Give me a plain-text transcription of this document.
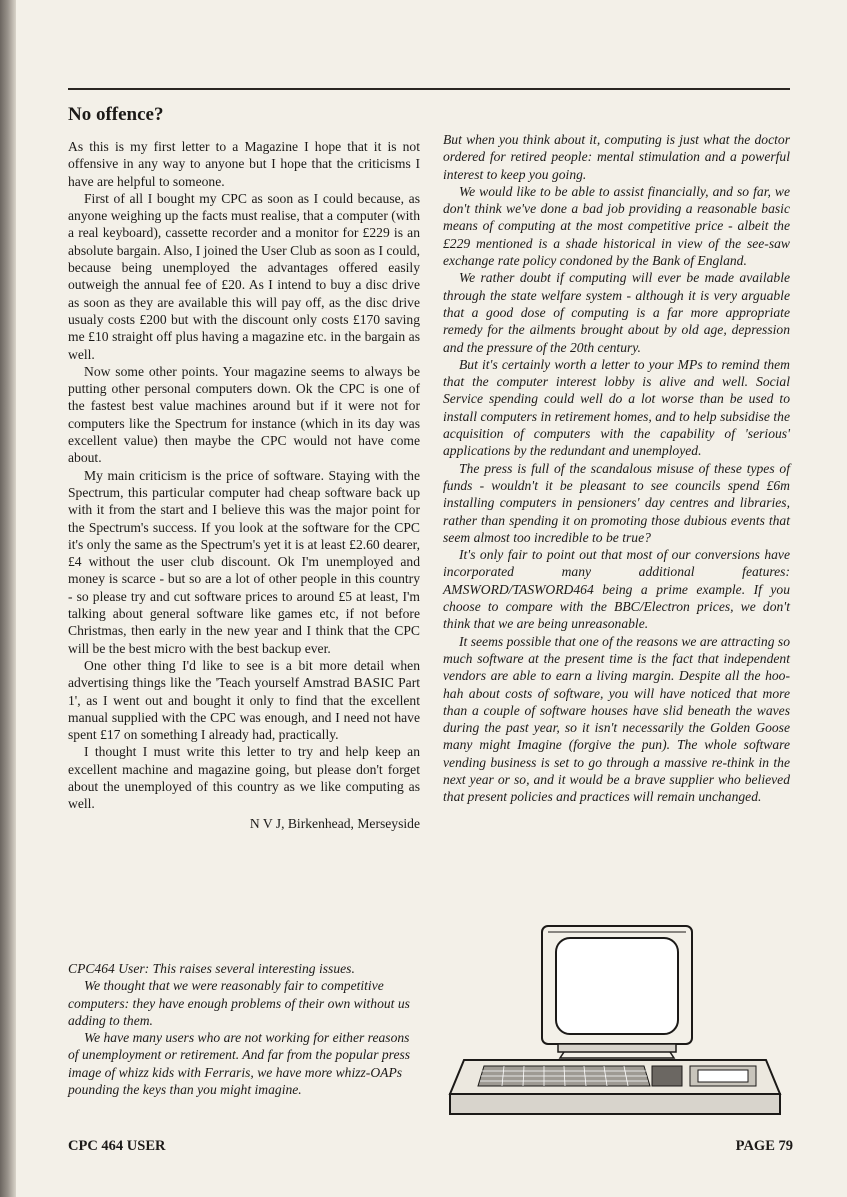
No offence?

As this is my first letter to a Magazine I hope that it is not offensive in any way to anyone but I hope that the criticisms I have are helpful to someone.

First of all I bought my CPC as soon as I could because, as anyone weighing up the facts must realise, that a computer (with a real keyboard), cassette recorder and a monitor for £229 is an absolute bargain. Also, I joined the User Club as soon as I could, because being unemployed the advantages offered easily outweigh the annual fee of £20. As I intend to buy a disc drive as soon as they are available this will pay off, as the disc drive usualy costs £200 but with the discount only costs £170 saving me £10 straight off plus having a magazine etc. in the bargain as well.

Now some other points. Your magazine seems to always be putting other personal computers down. Ok the CPC is one of the fastest best value machines around but if it were not for computers like the Spectrum for instance (which in its day was excellent value) then maybe the CPC would not have come about.

My main criticism is the price of software. Staying with the Spectrum, this particular computer had cheap software back up with it from the start and I believe this was the major point for the Spectrum's success. If you look at the software for the CPC it's only the same as the Spectrum's yet it is at least £2.60 dearer, £4 without the user club discount. Ok I'm unemployed and money is scarce - but so are a lot of other people in this country - so please try and cut software prices to around £5 at least, I'm talking about general software like games etc, if not before Christmas, then early in the new year and I think that the CPC will be the best micro with the best backup ever.

One other thing I'd like to see is a bit more detail when advertising things like the 'Teach yourself Amstrad BASIC Part 1', as I went out and bought it only to find that the excellent manual supplied with the CPC was enough, and I need not have spent £17 on something I already had, practically.

I thought I must write this letter to try and help keep an excellent machine and magazine going, but please don't forget about the unemployed of this country as we like computing as well.

N V J, Birkenhead, Merseyside

CPC464 User: This raises several interesting issues.

We thought that we were reasonably fair to competitive computers: they have enough problems of their own without us adding to them.

We have many users who are not working for either reasons of unemployment or retirement. And far from the popular press image of whizz kids with Ferraris, we have more whizz-OAPs pounding the keys than you might imagine.

But when you think about it, computing is just what the doctor ordered for retired people: mental stimulation and a powerful interest to keep you going.

We would like to be able to assist financially, and so far, we don't think we've done a bad job providing a reasonable basic means of computing at the most competitive price - albeit the £229 mentioned is a shade historical in view of the see-saw exchange rate policy condoned by the Bank of England.

We rather doubt if computing will ever be made available through the state welfare system - although it is very arguable that a good dose of computing is a far more appropriate remedy for the ailments brought about by old age, depression and the pressure of the 20th century.

But it's certainly worth a letter to your MPs to remind them that the computer interest lobby is alive and well. Social Service spending could well do a lot worse than be used to install computers in retirement homes, and to help subsidise the acquisition of computers with the capability of 'serious' applications by the redundant and unemployed.

The press is full of the scandalous misuse of these types of funds - wouldn't it be pleasant to see councils spend £6m installing computers in pensioners' day centres and libraries, rather than spending it on promoting those dubious events that seem almost too incredible to be true?

It's only fair to point out that most of our conversions have incorporated many additional features: AMSWORD/TASWORD464 being a prime example. If you choose to compare with the BBC/Electron prices, we don't think that we are being unreasonable.

It seems possible that one of the reasons we are attracting so much software at the present time is the fact that independent vendors are able to earn a living margin. Despite all the hoo-hah about costs of software, you will have noticed that more than a couple of software houses have slid beneath the waves during the past year, so it isn't necessarily the Golden Goose many might Imagine (forgive the pun). The whole software vending business is set to go through a massive re-think in the next year or so, and it would be a brave supplier who believed that present policies and practices will remain unchanged.

CPC 464 USER	PAGE 79
